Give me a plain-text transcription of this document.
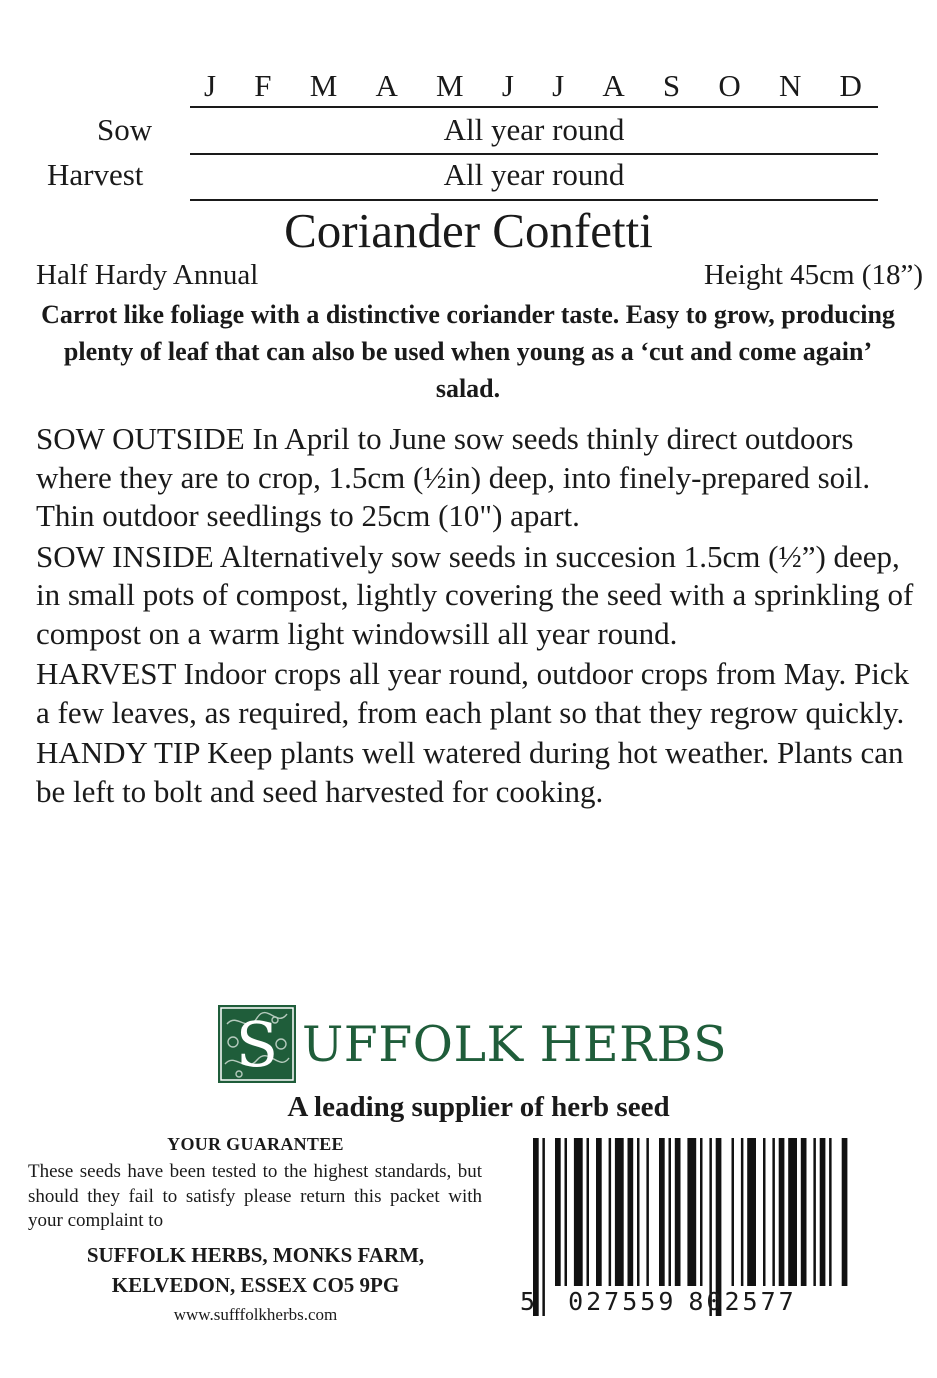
J F M A M J J A S O N D
Sow	All year round
Harvest	All year round
Coriander Confetti
Half Hardy Annual	Height 45cm (18”)
Carrot like foliage with a distinctive coriander taste. Easy to grow, producing plenty of leaf that can also be used when young as a ‘cut and come again’ salad.

SOW OUTSIDE In April to June sow seeds thinly direct outdoors where they are to crop, 1.5cm (½in) deep, into finely-prepared soil. Thin outdoor seedlings to 25cm (10") apart.

SOW INSIDE Alternatively sow seeds in succesion 1.5cm (½”) deep, in small pots of compost, lightly covering the seed with a sprinkling of compost on a warm light windowsill all year round.

HARVEST Indoor crops all year round, outdoor crops from May. Pick a few leaves, as required, from each plant so that they regrow quickly.

HANDY TIP Keep plants well watered during hot weather. Plants can be left to bolt and seed harvested for cooking.

S UFFOLK HERBS
A leading supplier of herb seed
YOUR GUARANTEE
These seeds have been tested to the highest standards, but should they fail to satisfy please return this packet with your complaint to
SUFFOLK HERBS, MONKS FARM,
KELVEDON, ESSEX CO5 9PG
www.sufffolkherbs.com	5 027559 802577
